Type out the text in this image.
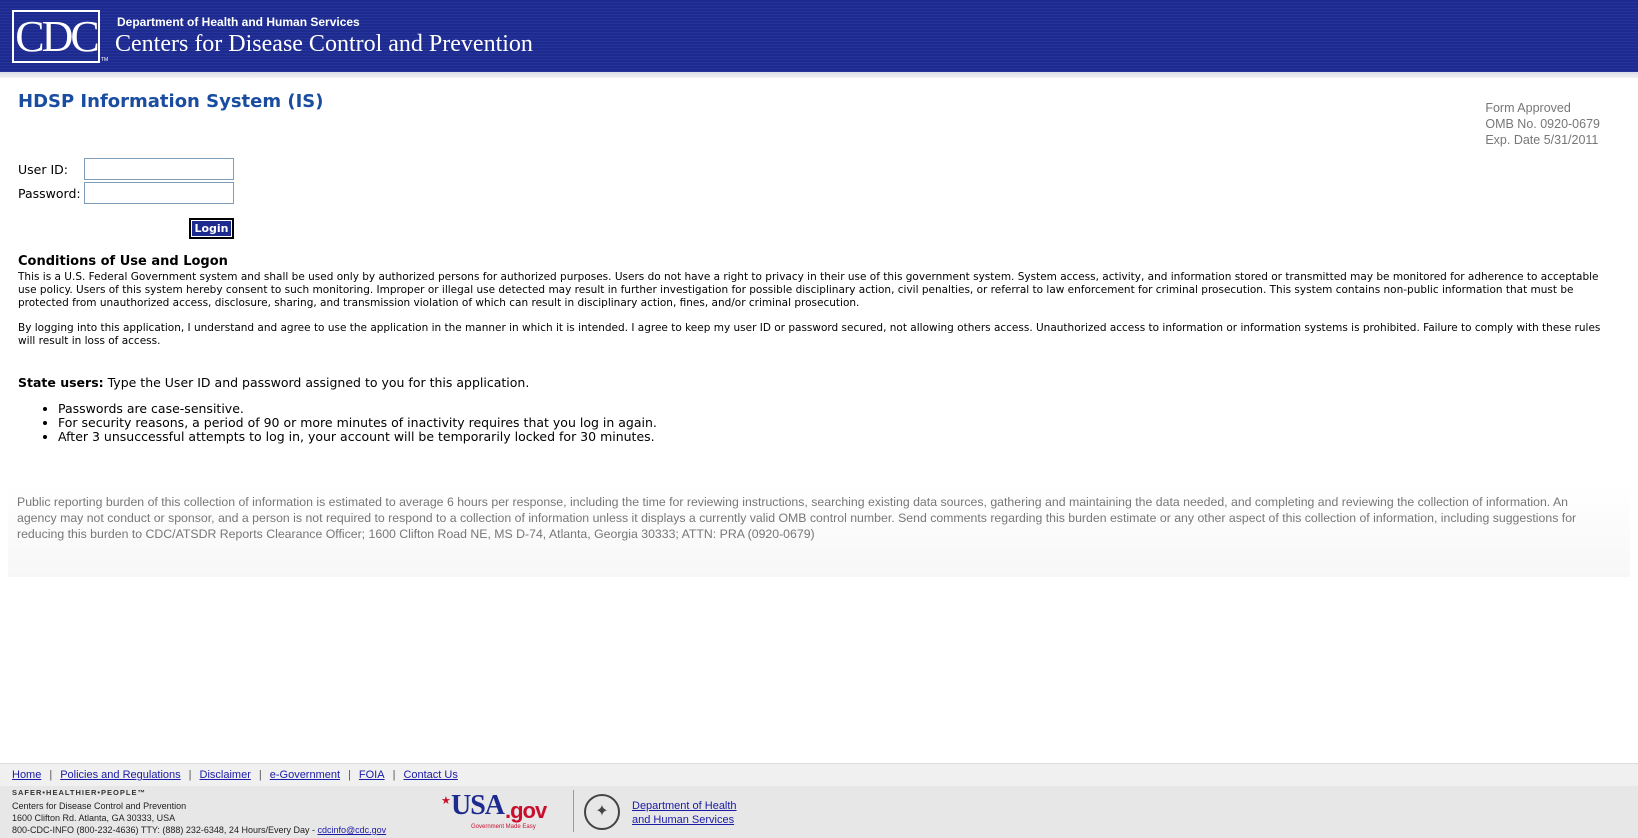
CDC TM
Department of Health and Human Services
Centers for Disease Control and Prevention
HDSP Information System (IS)	Form Approved
OMB No. 0920-0679
Exp. Date 5/31/2011
User ID:
Password:
Login
Conditions of Use and Logon

This is a U.S. Federal Government system and shall be used only by authorized persons for authorized purposes. Users do not have a right to privacy in their use of this government system. System access, activity, and information stored or transmitted may be monitored for adherence to acceptable use policy. Users of this system hereby consent to such monitoring. Improper or illegal use detected may result in further investigation for possible disciplinary action, civil penalties, or referral to law enforcement for criminal prosecution. This system contains non-public information that must be protected from unauthorized access, disclosure, sharing, and transmission violation of which can result in disciplinary action, fines, and/or criminal prosecution.

By logging into this application, I understand and agree to use the application in the manner in which it is intended. I agree to keep my user ID or password secured, not allowing others access. Unauthorized access to information or information systems is prohibited. Failure to comply with these rules will result in loss of access.

State users: Type the User ID and password assigned to you for this application.

• Passwords are case-sensitive.
• For security reasons, a period of 90 or more minutes of inactivity requires that you log in again.
• After 3 unsuccessful attempts to log in, your account will be temporarily locked for 30 minutes.

Public reporting burden of this collection of information is estimated to average 6 hours per response, including the time for reviewing instructions, searching existing data sources, gathering and maintaining the data needed, and completing and reviewing the collection of information. An agency may not conduct or sponsor, and a person is not required to respond to a collection of information unless it displays a currently valid OMB control number. Send comments regarding this burden estimate or any other aspect of this collection of information, including suggestions for reducing this burden to CDC/ATSDR Reports Clearance Officer; 1600 Clifton Road NE, MS D-74, Atlanta, Georgia 30333; ATTN: PRA (0920-0679)

Home | Policies and Regulations | Disclaimer | e-Government | FOIA | Contact Us
SAFER•HEALTHIER•PEOPLE™
Centers for Disease Control and Prevention
1600 Clifton Rd. Atlanta, GA 30333, USA
800-CDC-INFO (800-232-4636) TTY: (888) 232-6348, 24 Hours/Every Day - cdcinfo@cdc.gov
★ USA .gov
Government Made Easy
✦	Department of Health
and Human Services
